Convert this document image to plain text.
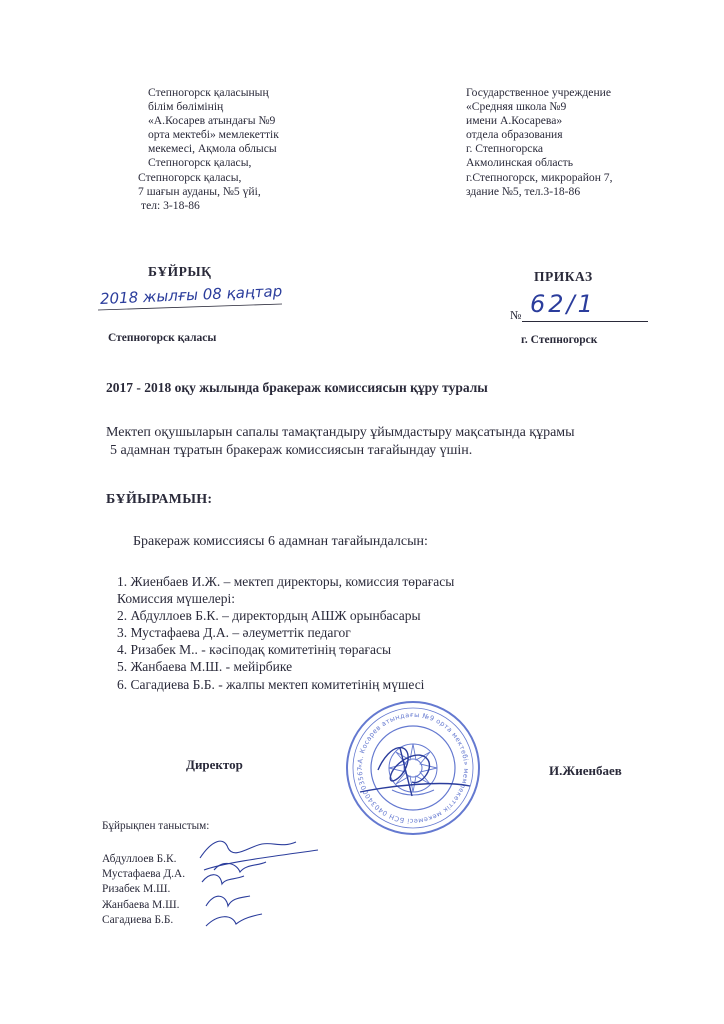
Степногорск қаласының
білім бөлімінің
«А.Косарев атындағы №9
орта мектебі» мемлекеттік
мекемесі, Ақмола облысы
Степногорск қаласы,
Степногорск қаласы,
7 шағын ауданы, №5 үйі,
тел: 3-18-86
Государственное учреждение
«Средняя школа №9
имени А.Косарева»
отдела образования
г. Степногорска
Акмолинская область
г.Степногорск, микрорайон 7,
здание №5, тел.3-18-86
БҰЙРЫҚ	ПРИКАЗ
2018 жылғы 08 қаңтар
№ 62/1
Степногорск қаласы	г. Степногорск
2017 - 2018 оқу жылында бракераж комиссиясын құру туралы
Мектеп оқушыларын сапалы тамақтандыру ұйымдастыру мақсатында құрамы
5 адамнан тұратын бракераж комиссиясын тағайындау үшін.
БҰЙЫРАМЫН:
Бракераж комиссиясы 6 адамнан тағайындалсын:
1. Жиенбаев И.Ж. – мектеп директоры, комиссия төрағасы
Комиссия мүшелері:
2. Абдуллоев Б.К. – директордың АШЖ орынбасары
3. Мустафаева Д.А. – әлеуметтік педагог
4. Ризабек М.. - кәсіподақ комитетінің төрағасы
5. Жанбаева М.Ш. - мейірбике
6. Сагадиева Б.Б. - жалпы мектеп комитетінің мүшесі
Директор	И.Жиенбаев
Бұйрықпен таныстым:
Абдуллоев Б.К.
Мустафаева Д.А.
Ризабек М.Ш.
Жанбаева М.Ш.
Сагадиева Б.Б.
«А. Косарев атындағы №9 орта мектебі» мемлекеттік мекемесі БСН 040340003567
